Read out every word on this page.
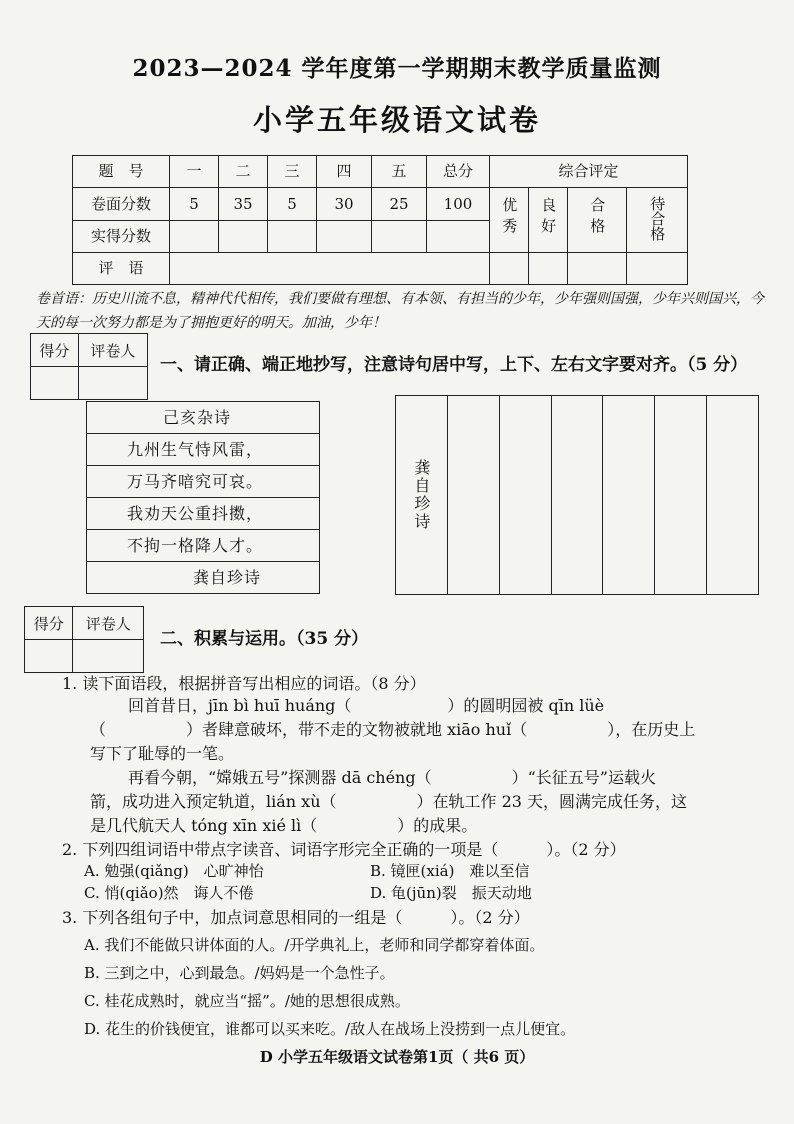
2023—2024 学年度第一学期期末教学质量监测
小学五年级语文试卷
题　号	一	二	三	四	五	总分	综合评定			
卷面分数	5	35	5	30	25	100	优秀	良好	合格	待合格
实得分数										
评　语										
卷首语：历史川流不息，精神代代相传，我们要做有理想、有本领、有担当的少年，少年强则国强，少年兴则国兴，今天的每一次努力都是为了拥抱更好的明天。加油，少年！
得分	评卷人

一、请正确、端正地抄写，注意诗句居中写，上下、左右文字要对齐。（5 分）
己亥杂诗
九州生气恃风雷，
万马齐喑究可哀。
我劝天公重抖擞，
不拘一格降人才。
龚自珍诗
龚自珍诗
得分	评卷人

二、积累与运用。（35 分）
1. 读下面语段，根据拼音写出相应的词语。（8 分）
回首昔日，jīn bì huī huáng（　　　　　　）的圆明园被 qīn lüè
（　　　　　）者肆意破坏，带不走的文物被就地 xiāo huǐ（　　　　　），在历史上
写下了耻辱的一笔。
再看今朝，“嫦娥五号”探测器 dā chéng（　　　　　）“长征五号”运载火
箭，成功进入预定轨道，lián xù（　　　　　）在轨工作 23 天，圆满完成任务，这
是几代航天人 tóng xīn xié lì（　　　　　）的成果。
2. 下列四组词语中带点字读音、词语字形完全正确的一项是（　　　）。（2 分）
A. 勉强(qiǎng)　心旷神怡	B. 镜匣(xiá)　难以至信
C. 悄(qiǎo)然　诲人不倦	D. 龟(jūn)裂　振天动地
3. 下列各组句子中，加点词意思相同的一组是（　　　）。（2 分）
A. 我们不能做只讲体面的人。/开学典礼上，老师和同学都穿着体面。
B. 三到之中，心到最急。/妈妈是一个急性子。
C. 桂花成熟时，就应当“摇”。/她的思想很成熟。
D. 花生的价钱便宜，谁都可以买来吃。/敌人在战场上没捞到一点儿便宜。
D 小学五年级语文试卷第1页（ 共6 页）
